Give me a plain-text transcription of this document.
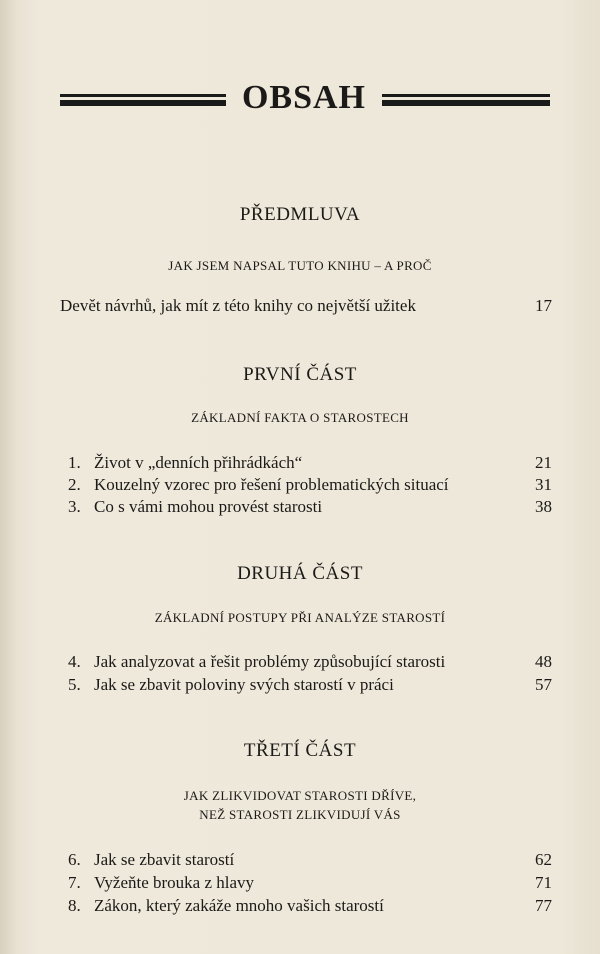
OBSAH
PŘEDMLUVA
JAK JSEM NAPSAL TUTO KNIHU – A PROČ
Devět návrhů, jak mít z této knihy co největší užitek	17
PRVNÍ ČÁST
ZÁKLADNÍ FAKTA O STAROSTECH
1. Život v „denních přihrádkách“	21
2. Kouzelný vzorec pro řešení problematických situací	31
3. Co s vámi mohou provést starosti	38
DRUHÁ ČÁST
ZÁKLADNÍ POSTUPY PŘI ANALÝZE STAROSTÍ
4. Jak analyzovat a řešit problémy způsobující starosti	48
5. Jak se zbavit poloviny svých starostí v práci	57
TŘETÍ ČÁST
JAK ZLIKVIDOVAT STAROSTI DŘÍVE,
NEŽ STAROSTI ZLIKVIDUJÍ VÁS
6. Jak se zbavit starostí	62
7. Vyžeňte brouka z hlavy	71
8. Zákon, který zakáže mnoho vašich starostí	77
